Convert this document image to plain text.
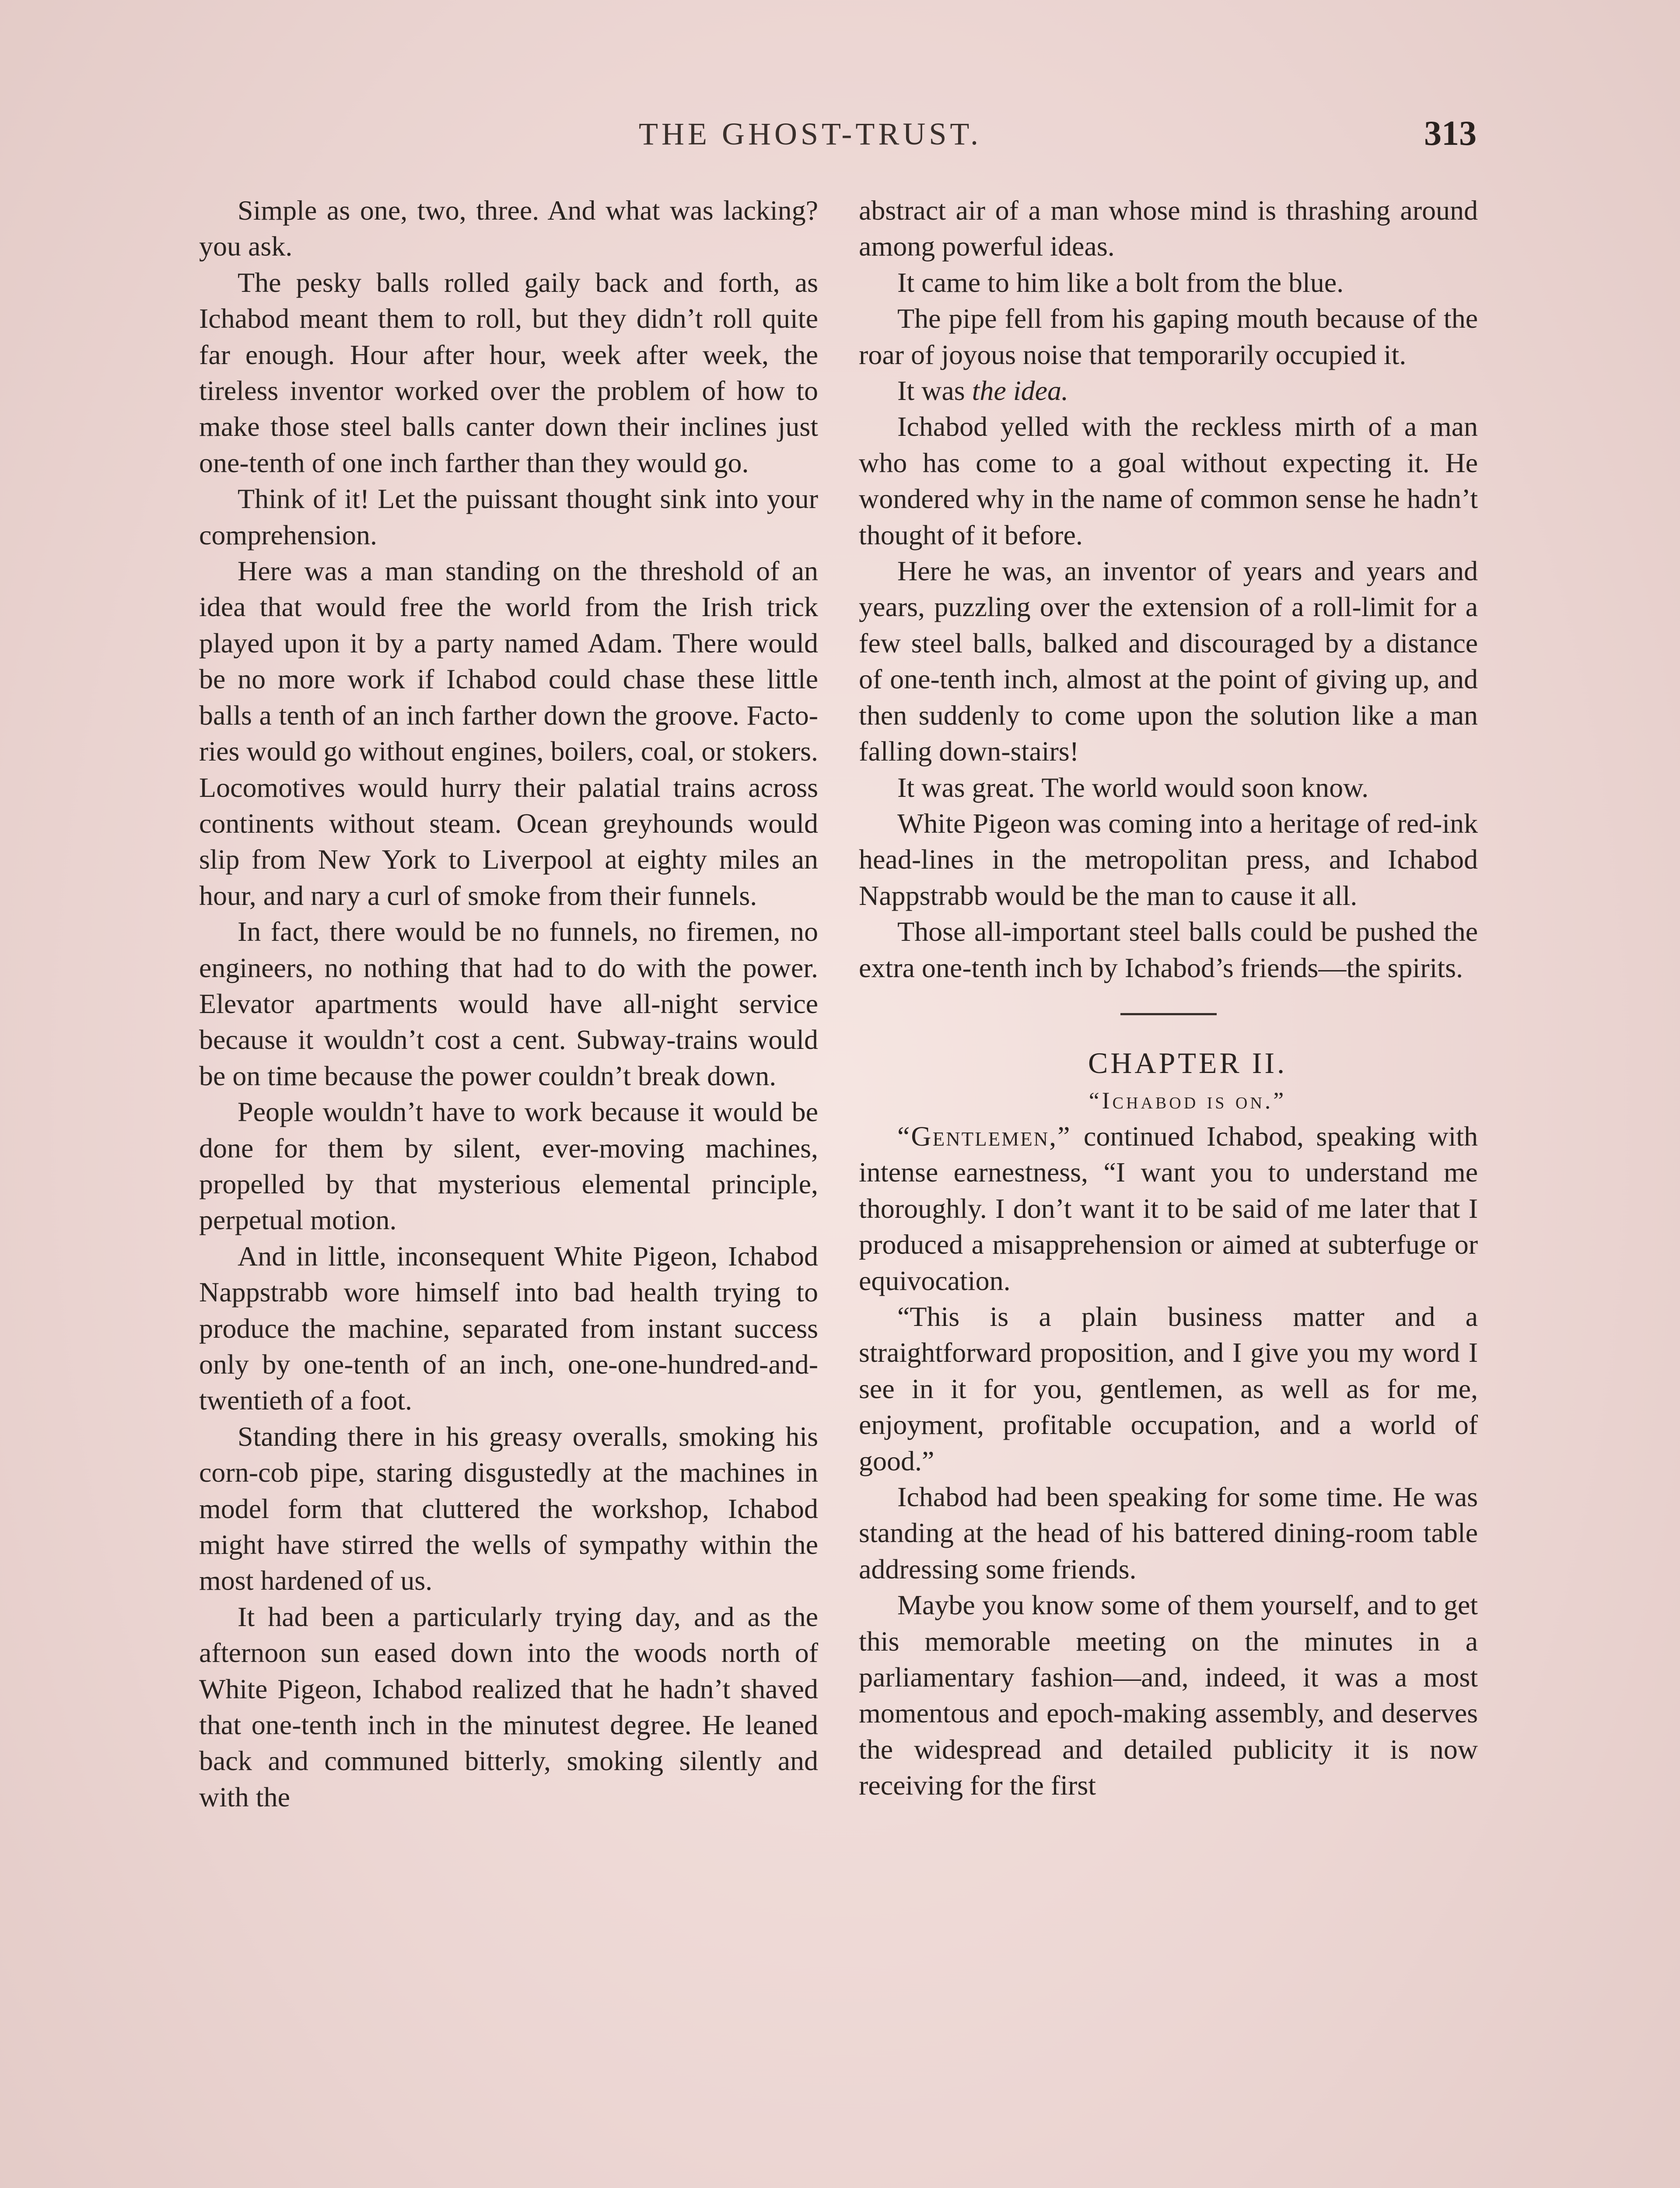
THE GHOST-TRUST.	313

Simple as one, two, three. And what was lacking? you ask.

The pesky balls rolled gaily back and forth, as Ichabod meant them to roll, but they didn’t roll quite far enough. Hour after hour, week after week, the tireless inventor worked over the problem of how to make those steel balls canter down their inclines just one-tenth of one inch farther than they would go.

Think of it! Let the puissant thought sink into your comprehension.

Here was a man standing on the threshold of an idea that would free the world from the Irish trick played upon it by a party named Adam. There would be no more work if Ichabod could chase these little balls a tenth of an inch farther down the groove. Factories would go without engines, boilers, coal, or stokers. Locomotives would hurry their palatial trains across continents without steam. Ocean greyhounds would slip from New York to Liverpool at eighty miles an hour, and nary a curl of smoke from their funnels.

In fact, there would be no funnels, no firemen, no engineers, no nothing that had to do with the power. Elevator apartments would have all-night service because it wouldn’t cost a cent. Subway-trains would be on time because the power couldn’t break down.

People wouldn’t have to work because it would be done for them by silent, ever-moving machines, propelled by that mysterious elemental principle, perpetual motion.

And in little, inconsequent White Pigeon, Ichabod Nappstrabb wore himself into bad health trying to produce the machine, separated from instant success only by one-tenth of an inch, one-one-hundred-and-twentieth of a foot.

Standing there in his greasy overalls, smoking his corn-cob pipe, staring disgustedly at the machines in model form that cluttered the workshop, Ichabod might have stirred the wells of sympathy within the most hardened of us.

It had been a particularly trying day, and as the afternoon sun eased down into the woods north of White Pigeon, Ichabod realized that he hadn’t shaved that one-tenth inch in the minutest degree. He leaned back and communed bitterly, smoking silently and with the

abstract air of a man whose mind is thrashing around among powerful ideas.

It came to him like a bolt from the blue.

The pipe fell from his gaping mouth because of the roar of joyous noise that temporarily occupied it.

It was the idea.

Ichabod yelled with the reckless mirth of a man who has come to a goal without expecting it. He wondered why in the name of common sense he hadn’t thought of it before.

Here he was, an inventor of years and years and years, puzzling over the extension of a roll-limit for a few steel balls, balked and discouraged by a distance of one-tenth inch, almost at the point of giving up, and then suddenly to come upon the solution like a man falling down-stairs!

It was great. The world would soon know.

White Pigeon was coming into a heritage of red-ink head-lines in the metropolitan press, and Ichabod Nappstrabb would be the man to cause it all.

Those all-important steel balls could be pushed the extra one-tenth inch by Ichabod’s friends—the spirits.

CHAPTER II.

“Ichabod is on.”

“Gentlemen,” continued Ichabod, speaking with intense earnestness, “I want you to understand me thoroughly. I don’t want it to be said of me later that I produced a misapprehension or aimed at subterfuge or equivocation.

“This is a plain business matter and a straightforward proposition, and I give you my word I see in it for you, gentlemen, as well as for me, enjoyment, profitable occupation, and a world of good.”

Ichabod had been speaking for some time. He was standing at the head of his battered dining-room table addressing some friends.

Maybe you know some of them yourself, and to get this memorable meeting on the minutes in a parliamentary fashion—and, indeed, it was a most momentous and epoch-making assembly, and deserves the widespread and detailed publicity it is now receiving for the first
